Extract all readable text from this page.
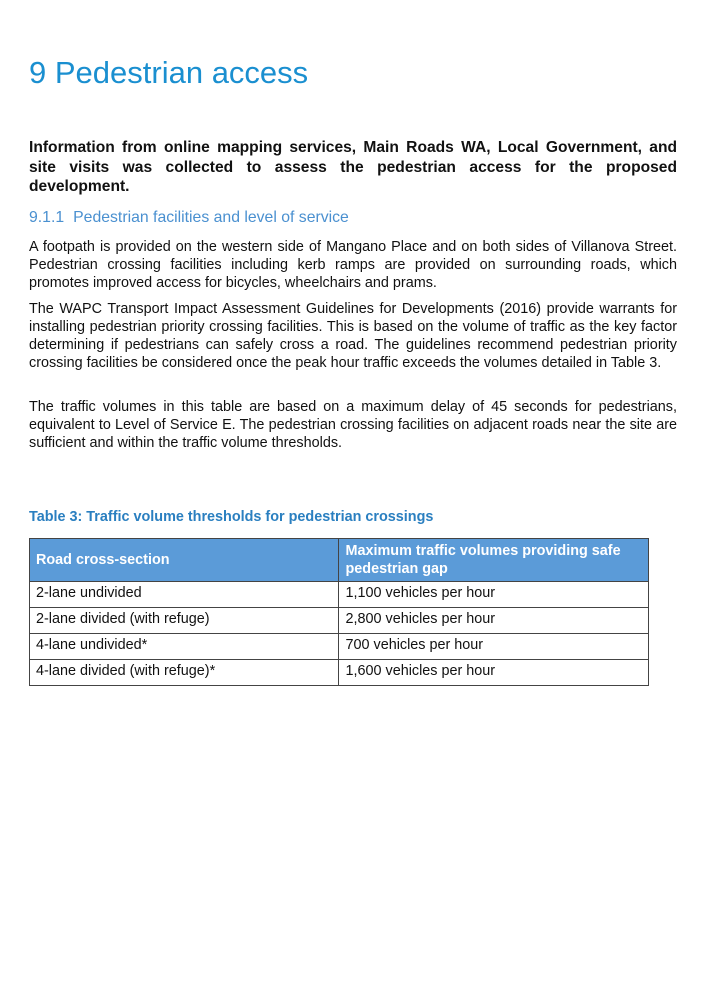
9 Pedestrian access
Information from online mapping services, Main Roads WA, Local Government, and site visits was collected to assess the pedestrian access for the proposed development.
9.1.1 Pedestrian facilities and level of service
A footpath is provided on the western side of Mangano Place and on both sides of Villanova Street. Pedestrian crossing facilities including kerb ramps are provided on surrounding roads, which promotes improved access for bicycles, wheelchairs and prams.
The WAPC Transport Impact Assessment Guidelines for Developments (2016) provide warrants for installing pedestrian priority crossing facilities. This is based on the volume of traffic as the key factor determining if pedestrians can safely cross a road. The guidelines recommend pedestrian priority crossing facilities be considered once the peak hour traffic exceeds the volumes detailed in Table 3.
The traffic volumes in this table are based on a maximum delay of 45 seconds for pedestrians, equivalent to Level of Service E. The pedestrian crossing facilities on adjacent roads near the site are sufficient and within the traffic volume thresholds.
Table 3: Traffic volume thresholds for pedestrian crossings
Road cross-section	Maximum traffic volumes providing safe pedestrian gap
2-lane undivided	1,100 vehicles per hour
2-lane divided (with refuge)	2,800 vehicles per hour
4-lane undivided*	700 vehicles per hour
4-lane divided (with refuge)*	1,600 vehicles per hour
